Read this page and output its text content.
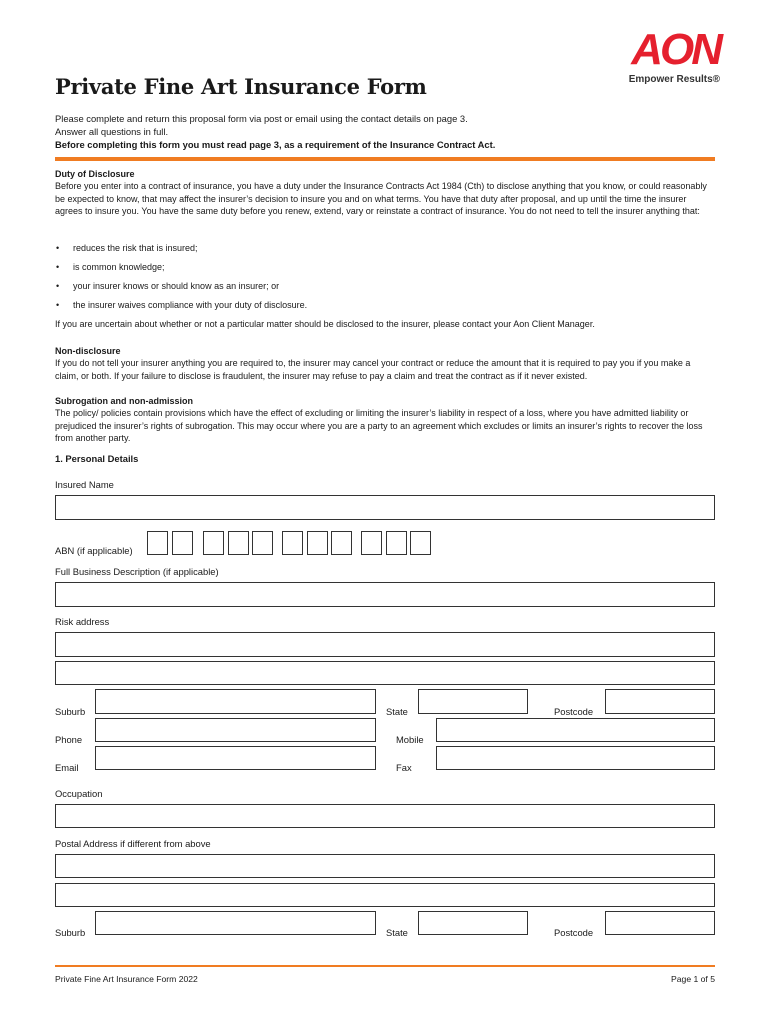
AON
Empower Results®
Private Fine Art Insurance Form
Please complete and return this proposal form via post or email using the contact details on page 3.
Answer all questions in full.
Before completing this form you must read page 3, as a requirement of the Insurance Contract Act.
Duty of Disclosure
Before you enter into a contract of insurance, you have a duty under the Insurance Contracts Act 1984 (Cth) to disclose anything that you know, or could reasonably be expected to know, that may affect the insurer’s decision to insure you and on what terms. You have that duty after proposal, and up until the time the insurer agrees to insure you. You have the same duty before you renew, extend, vary or reinstate a contract of insurance. You do not need to tell the insurer anything that:
• reduces the risk that is insured;
• is common knowledge;
• your insurer knows or should know as an insurer; or
• the insurer waives compliance with your duty of disclosure.
If you are uncertain about whether or not a particular matter should be disclosed to the insurer, please contact your Aon Client Manager.
Non-disclosure
If you do not tell your insurer anything you are required to, the insurer may cancel your contract or reduce the amount that it is required to pay you if you make a claim, or both. If your failure to disclose is fraudulent, the insurer may refuse to pay a claim and treat the contract as if it never existed.
Subrogation and non-admission
The policy/ policies contain provisions which have the effect of excluding or limiting the insurer’s liability in respect of a loss, where you have admitted liability or prejudiced the insurer’s rights of subrogation. This may occur where you are a party to an agreement which excludes or limits an insurer’s rights to recover the loss from another party.
1. Personal Details
Insured Name
ABN (if applicable)
Full Business Description (if applicable)
Risk address
Suburb	State	Postcode
Phone	Mobile
Email	Fax
Occupation
Postal Address if different from above
Suburb	State	Postcode
Private Fine Art Insurance Form 2022	Page 1 of 5
